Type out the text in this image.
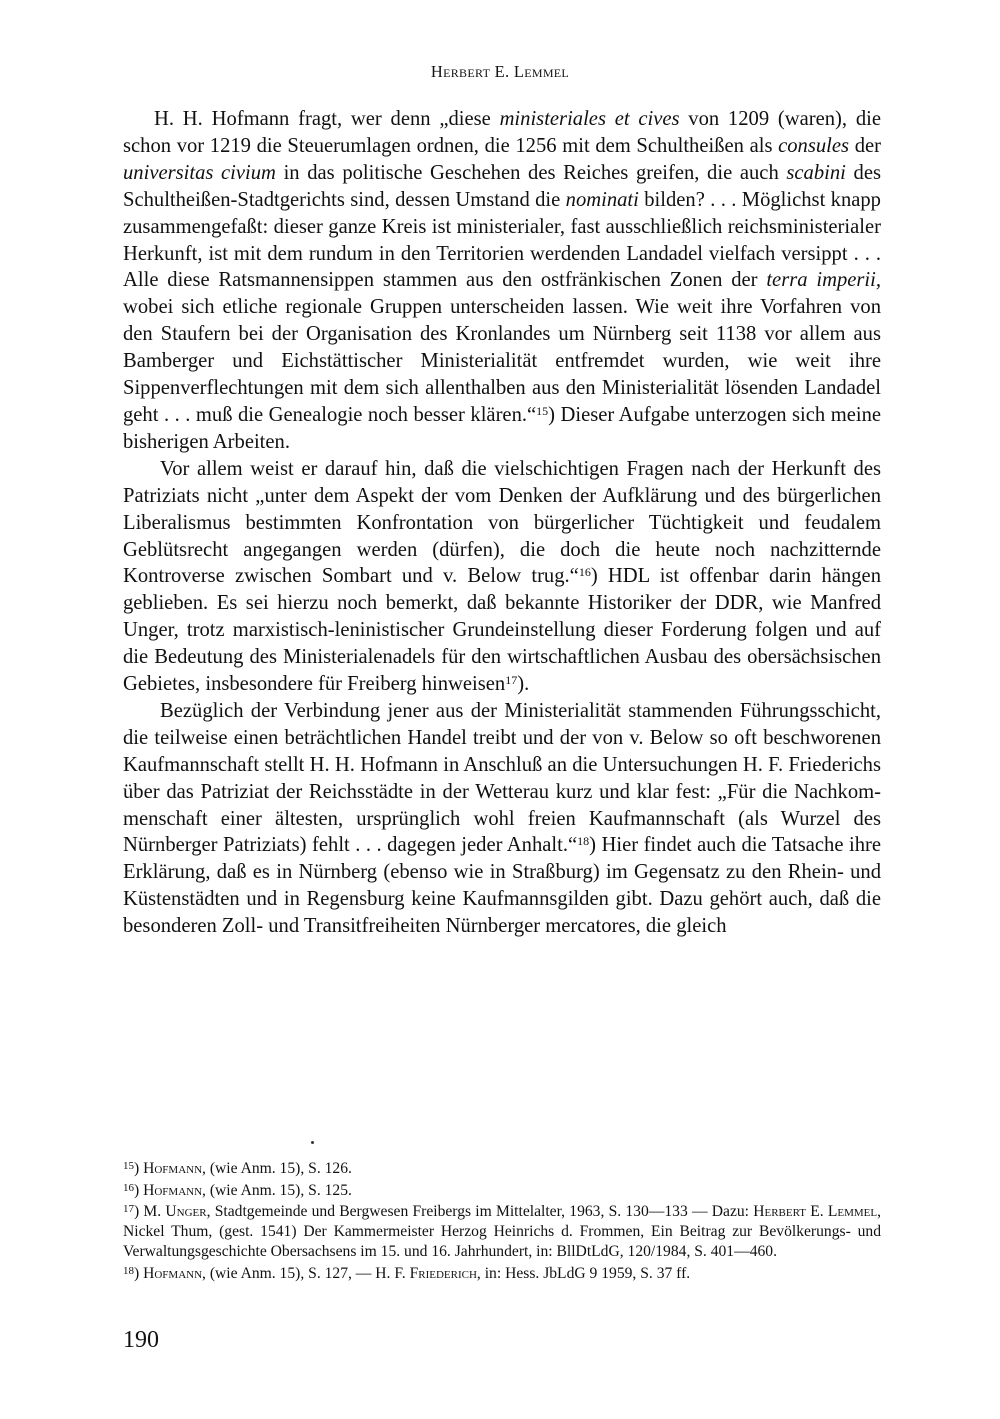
Herbert E. Lemmel

H. H. Hofmann fragt, wer denn „diese ministeriales et cives von 1209 (waren), die schon vor 1219 die Steuerumlagen ordnen, die 1256 mit dem Schultheißen als consules der universitas civium in das politische Geschehen des Reiches greifen, die auch scabini des Schultheißen-Stadtgerichts sind, dessen Umstand die nominati bilden? . . . Möglichst knapp zusammengefaßt: dieser ganze Kreis ist ministerialer, fast ausschließlich reichsministerialer Herkunft, ist mit dem rundum in den Territorien werdenden Landadel vielfach versippt . . . Alle diese Ratsmannensippen stammen aus den ostfränkischen Zonen der terra imperii, wobei sich etliche regionale Gruppen unterscheiden lassen. Wie weit ihre Vorfahren von den Staufern bei der Organisation des Kronlandes um Nürnberg seit 1138 vor allem aus Bamberger und Eichstättischer Ministerialität entfremdet wurden, wie weit ihre Sippenverflechtungen mit dem sich allenthalben aus den Ministerialität lösenden Landadel geht . . . muß die Genealogie noch besser klären.“$^{15}$) Dieser Aufgabe unterzogen sich meine bisherigen Arbeiten.

Vor allem weist er darauf hin, daß die vielschichtigen Fragen nach der Herkunft des Patriziats nicht „unter dem Aspekt der vom Denken der Aufklärung und des bürgerlichen Liberalismus bestimmten Konfrontation von bürgerlicher Tüchtigkeit und feudalem Geblütsrecht angegangen werden (dürfen), die doch die heute noch nachzitternde Kontroverse zwischen Sombart und v. Below trug.“$^{16}$) HDL ist offenbar darin hängen geblieben. Es sei hierzu noch bemerkt, daß bekannte Historiker der DDR, wie Manfred Unger, trotz marxistisch-leninistischer Grundeinstellung dieser Forderung folgen und auf die Bedeutung des Ministerialenadels für den wirtschaftlichen Ausbau des obersächsischen Gebietes, insbesondere für Freiberg hinweisen$^{17}$).

Bezüglich der Verbindung jener aus der Ministerialität stammenden Führungsschicht, die teilweise einen beträchtlichen Handel treibt und der von v. Below so oft beschworenen Kaufmannschaft stellt H. H. Hofmann in Anschluß an die Untersuchungen H. F. Friederichs über das Patriziat der Reichsstädte in der Wetterau kurz und klar fest: „Für die Nachkommenschaft einer ältesten, ursprünglich wohl freien Kaufmannschaft (als Wurzel des Nürnberger Patriziats) fehlt . . . dagegen jeder Anhalt.“$^{18}$) Hier findet auch die Tatsache ihre Erklärung, daß es in Nürnberg (ebenso wie in Straßburg) im Gegensatz zu den Rhein- und Küstenstädten und in Regensburg keine Kaufmannsgilden gibt. Dazu gehört auch, daß die besonderen Zoll- und Transitfreiheiten Nürnberger mercatores, die gleich

$^{15}$) Hofmann, (wie Anm. 15), S. 126.

$^{16}$) Hofmann, (wie Anm. 15), S. 125.

$^{17}$) M. Unger, Stadtgemeinde und Bergwesen Freibergs im Mittelalter, 1963, S. 130—133 — Dazu: Herbert E. Lemmel, Nickel Thum, (gest. 1541) Der Kammermeister Herzog Heinrichs d. Frommen, Ein Beitrag zur Bevölkerungs- und Verwaltungsgeschichte Obersachsens im 15. und 16. Jahrhundert, in: BllDtLdG, 120/1984, S. 401—460.

$^{18}$) Hofmann, (wie Anm. 15), S. 127, — H. F. Friederich, in: Hess. JbLdG 9 1959, S. 37 ff.

190
